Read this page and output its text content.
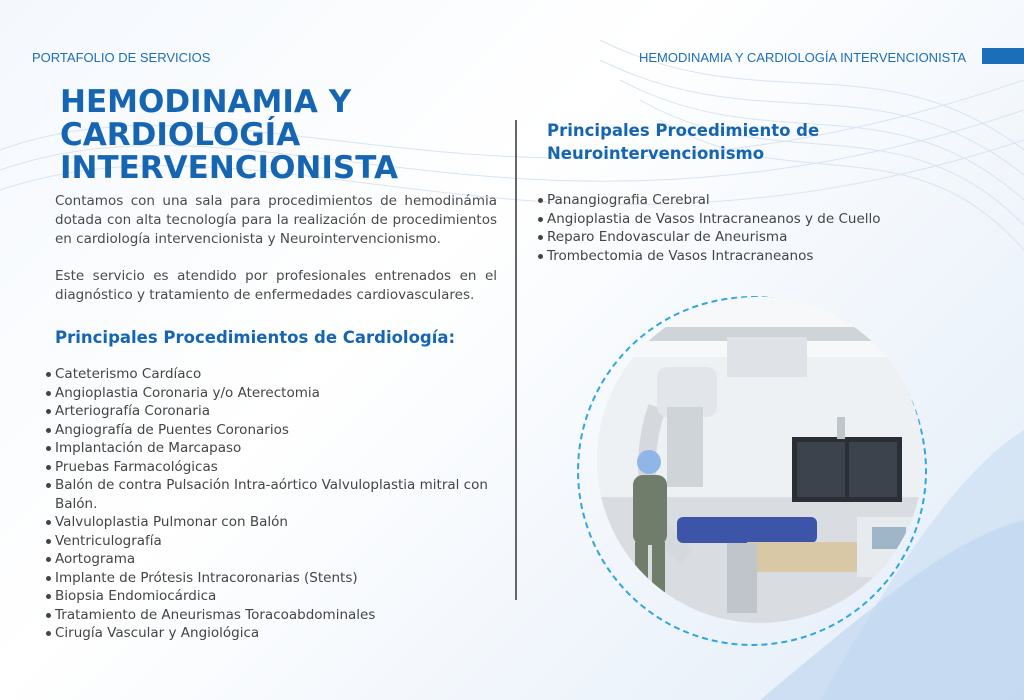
PORTAFOLIO DE SERVICIOS	HEMODINAMIA Y CARDIOLOGÍA INTERVENCIONISTA
HEMODINAMIA Y
CARDIOLOGÍA
INTERVENCIONISTA

Contamos con una sala para procedimientos de hemodinámia dotada con alta tecnología para la realización de procedimientos en cardiología intervencionista y Neurointervencionismo.

Este servicio es atendido por profesionales entrenados en el diagnóstico y tratamiento de enfermedades cardiovasculares.

Principales Procedimientos de Cardiología:
Cateterismo Cardíaco
Angioplastia Coronaria y/o Aterectomia
Arteriografía Coronaria
Angiografía de Puentes Coronarios
Implantación de Marcapaso
Pruebas Farmacológicas
Balón de contra Pulsación Intra-aórtico Valvuloplastia mitral con Balón.
Valvuloplastia Pulmonar con Balón
Ventriculografía
Aortograma
Implante de Prótesis Intracoronarias (Stents)
Biopsia Endomiocárdica
Tratamiento de Aneurismas Toracoabdominales
Cirugía Vascular y Angiológica
Principales Procedimiento de
Neurointervencionismo
Panangiografia Cerebral
Angioplastia de Vasos Intracraneanos y de Cuello
Reparo Endovascular de Aneurisma
Trombectomia de Vasos Intracraneanos
